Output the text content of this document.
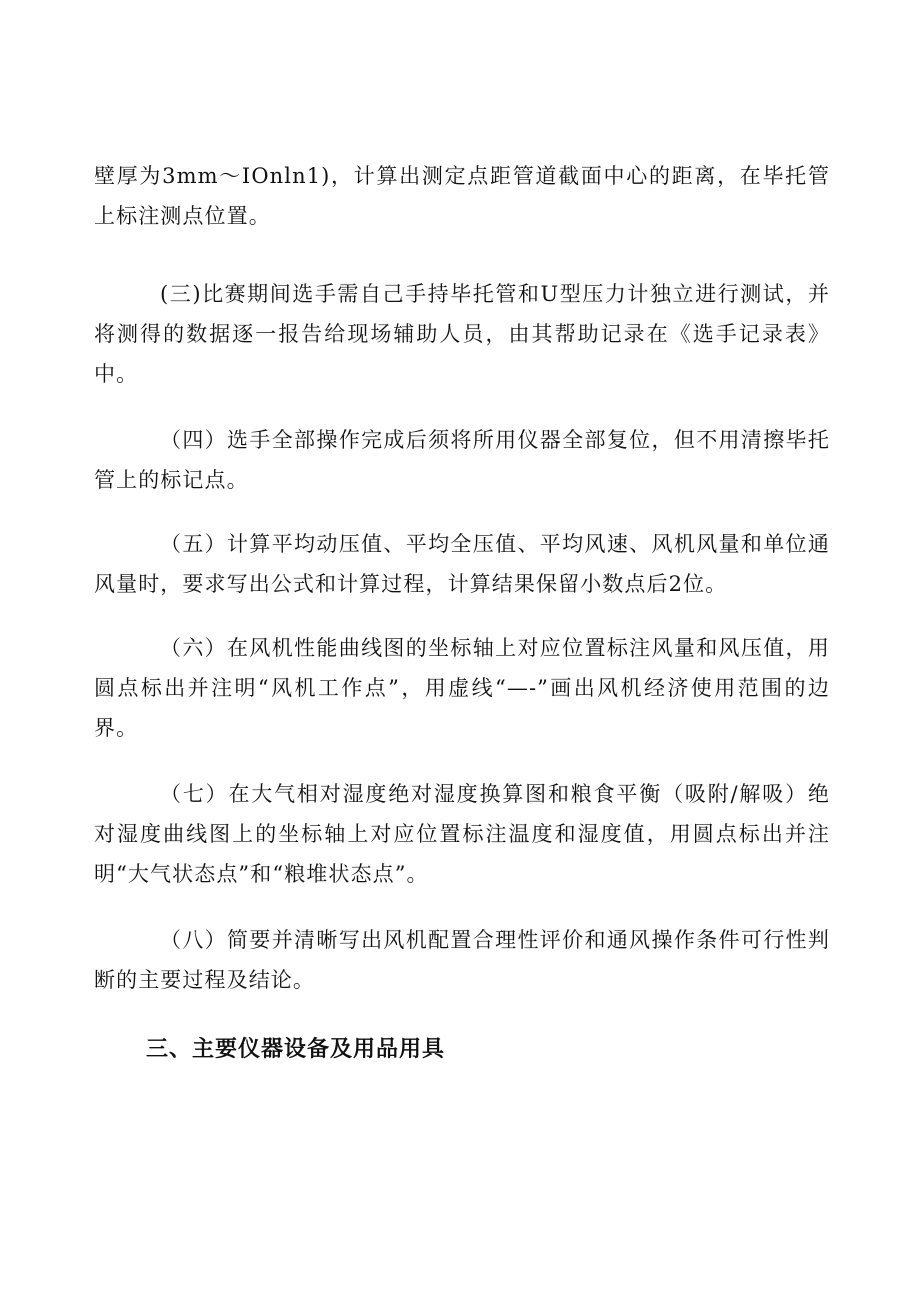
壁厚为3mm～IOnln1)，计算出测定点距管道截面中心的距离，在毕托管上标注测点位置。

(三)比赛期间选手需自己手持毕托管和U型压力计独立进行测试，并将测得的数据逐一报告给现场辅助人员，由其帮助记录在《选手记录表》中。

（四）选手全部操作完成后须将所用仪器全部复位，但不用清擦毕托管上的标记点。

（五）计算平均动压值、平均全压值、平均风速、风机风量和单位通风量时，要求写出公式和计算过程，计算结果保留小数点后2位。

（六）在风机性能曲线图的坐标轴上对应位置标注风量和风压值，用圆点标出并注明“风机工作点”，用虚线“—-”画出风机经济使用范围的边界。

（七）在大气相对湿度绝对湿度换算图和粮食平衡（吸附/解吸）绝对湿度曲线图上的坐标轴上对应位置标注温度和湿度值，用圆点标出并注明“大气状态点”和“粮堆状态点”。

（八）简要并清晰写出风机配置合理性评价和通风操作条件可行性判断的主要过程及结论。

三、主要仪器设备及用品用具
